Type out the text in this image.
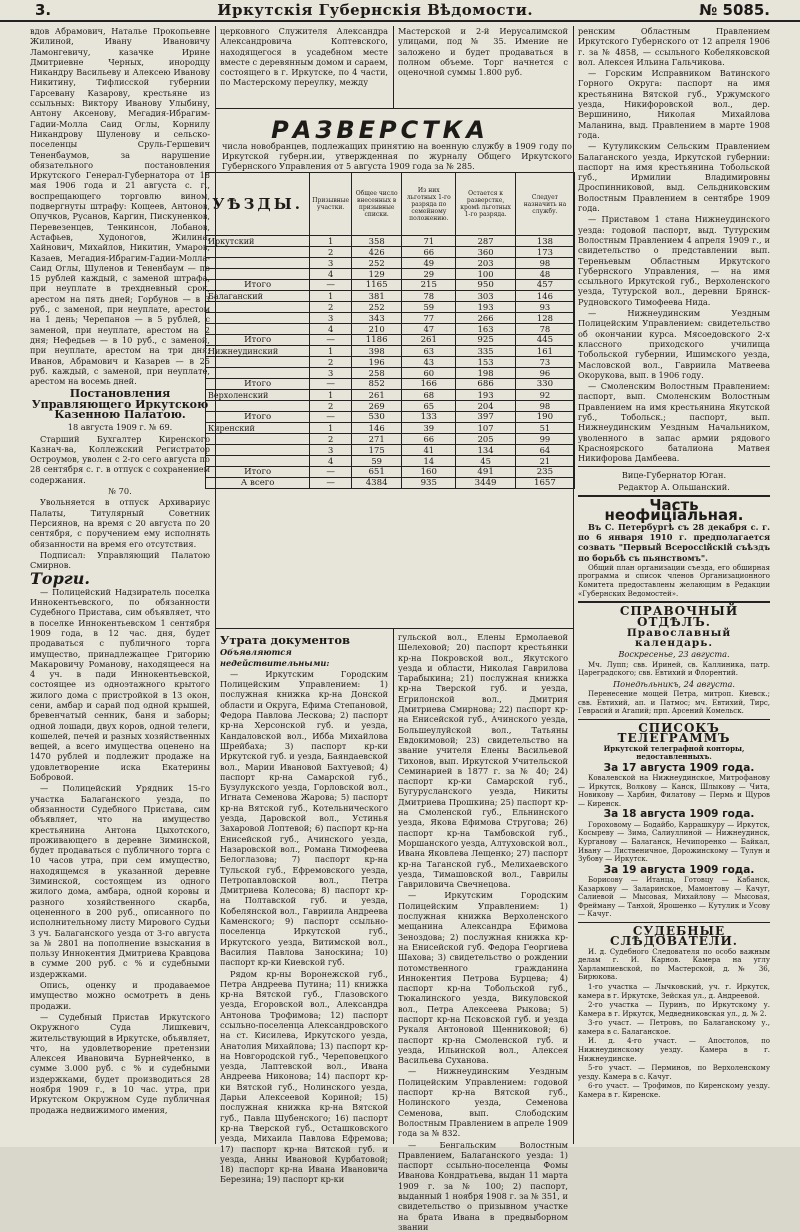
3.	Иркутскія Губернскія Вѣдомости.	№ 5085.

вдов Абрамович, Наталье Прокопьевне Жилиной, Ивану Ивановичу Ламонгевичу, казачке Ирине Дмитриевне Черных, инородцу Никандру Васильеву и Алексею Иванову Никитину, Тифлисской губернии Гарсевану Казарову, крестьяне из ссыльных: Виктору Иванову Улыбину, Антону Аксенову, Мегадия-Ибрагим-Гадии-Молла Саид Оглы, Корнилу Никандрову Шуленову и сельско-поселенцы Сруль-Гершевич Тененбаумов, за нарушение обязательного постановления Иркутского Генерал-Губернатора от 18 мая 1906 года и 21 августа с. г., воспрещающего торговлю вином, подвергнуты штрафу: Кощеев, Антонов, Опучков, Русанов, Каргин, Пискуненков, Перевезенцев, Тенкинсон, Лобанов, Астафьев, Худоногов, Жилина, Хайнович, Михайлов, Никитин, Умаров, Казаев, Мегадия-Ибрагим-Гадии-Молла-Саид Оглы, Шуленов и Тененбаум — по 15 рублей каждый, с заменой штрафа, при неуплате в трехдневный срок, арестом на пять дней; Горбунов — в 3 руб., с заменой, при неуплате, арестом на 1 день; Черепанов — в 5 рублей, с заменой, при неуплате, арестом на 2 дня; Нефедьев — в 10 руб., с заменой, при неуплате, арестом на три дня; Иванов, Абрамович и Казарев — в 25 руб. каждый, с заменой, при неуплате, арестом на восемь дней.

Постановления Управляющего Иркутскою Казенною Палатою.

18 августа 1909 г. № 69.

Старший Бухгалтер Киренского Казнач-ва, Коллежский Регистратор Остроумов, уволен с 2-го сего августа по 28 сентября с. г. в отпуск с сохранением содержания.

№ 70.

Увольняется в отпуск Архивариус Палаты, Титулярный Советник Персиянов, на время с 20 августа по 20 сентября, с поручением ему исполнять обязанности на время его отсутствия.

Подписал: Управляющий Палатою Смирнов.

Торги.

— Полицейский Надзиратель поселка Иннокентьевского, по обязанности Судебного Пристава, сим объявляет, что в поселке Иннокентьевском 1 сентября 1909 года, в 12 час. дня, будет продаваться с публичного торга имущество, принадлежащее Григорию Макаровичу Романову, находящееся на 4 уч. в пади Иннокентьевской, состоящее из одноэтажного крытого жилого дома с пристройкой в 13 окон, сени, амбар и сарай под одной крышей, бревенчатый сенник, баня и заборы; одной лошади, двух коров, одной телеги, кошелей, печей и разных хозяйственных вещей, а всего имущества оценено на 1470 рублей и подлежит продаже на удовлетворение иска Екатерины Бобровой.

— Полицейский Урядник 15-го участка Балаганского уезда, по обязанности Судебного Пристава, сим объявляет, что на имущество крестьянина Антона Цыхотского, проживающего в деревне Зиминской, будет продаваться с публичного торга с 10 часов утра, при сем имущество, находящемся в указанной деревне Зиминской, состоящем из одного жилого дома, амбара, одной коровы и разного хозяйственного скарба, оцененного в 200 руб., описанного по исполнительному листу Мирового Судьи 3 уч. Балаганского уезда от 3-го августа за № 2801 на пополнение взыскания в пользу Иннокентия Дмитриева Кравцова в сумме 200 руб. с % и судебными издержками.

Опись, оценку и продаваемое имущество можно осмотреть в день продажи.

— Судебный Пристав Иркутского Окружного Суда Лишкевич, жительствующий в Иркутске, объявляет, что, на удовлетворение претензии Алексея Ивановича Бурнейченко, в сумме 3.000 руб. с % и судебными издержками, будет производиться 28 ноября 1909 г., в 10 час. утра, при Иркутском Окружном Суде публичная продажа недвижимого имения,

церковного Служителя Александра Александровича Коптевского, находящегося в усадебном месте вместе с деревянным домом и сараем, состоящего в г. Иркутске, по 4 части, по Мастерскому переулку, между

Мастерской и 2-й Иерусалимской улицами, под № 35. Имение не заложено и будет продаваться в полном объеме. Торг начнется с оценочной суммы 1.800 руб.

РАЗВЕРСТКА
числа новобранцев, подлежащих принятию на военную службу в 1909 году по Иркутской губерн.ии, утвержденная по журналу Общего Иркутского Губернского Управления от 5 августа 1909 года за № 285.
УѢЗДЫ.	Призывные участки.	Общее число внесенных в призывные списки.	Из них льготных 1-го разряда по семейному положению.	Остается к разверстке, кромѣ льготных 1-го разряда.	Следует назначить на службу.
Иркутский	1	358	71	287	138
	2	426	66	360	173
	3	252	49	203	98
	4	129	29	100	48
Итого	—	1165	215	950	457
Балаганский	1	381	78	303	146
	2	252	59	193	93
	3	343	77	266	128
	4	210	47	163	78
Итого	—	1186	261	925	445
Нижнеудинский	1	398	63	335	161
	2	196	43	153	73
	3	258	60	198	96
Итого	—	852	166	686	330
Верхоленский	1	261	68	193	92
	2	269	65	204	98
Итого	—	530	133	397	190
Киренский	1	146	39	107	51
	2	271	66	205	99
	3	175	41	134	64
	4	59	14	45	21
Итого	—	651	160	491	235
А всего	—	4384	935	3449	1657
Утрата документов

Объявляются недействительными:

— Иркутским Городским Полицейским Управлением: 1) послужная книжка кр-на Донской области и Округа, Ефима Степановой, Федора Павлова Лескова; 2) паспорт кр-на Херсонской губ. и уезда, Кандаловской вол., Ибба Михайлова Шрейбаха; 3) паспорт кр-ки Иркутской губ. и уезда, Баяндаевской вол., Марии Ивановой Бахтуевой; 4) паспорт кр-на Самарской губ., Бузулукского уезда, Горловской вол., Игната Семенова Жарова; 5) паспорт кр-на Вятской губ., Котельнического уезда, Даровской вол., Устинья Захаровой Лоптевой; 6) паспорт кр-на Енисейской губ., Ачинского уезда, Назаровской вол., Романа Тимофеева Белоглазова; 7) паспорт кр-на Тульской губ., Ефремовского уезда, Петропавловской вол., Петра Дмитриева Колесова; 8) паспорт кр-на Полтавской губ. и уезда, Кобелянской вол., Гавриила Андреева Каменского; 9) паспорт ссыльно-поселенца Иркутской губ., Иркутского уезда, Витимской вол., Василия Павлова Заноскина; 10) паспорт кр-ки Киевской губ.

Рядом кр-ны Воронежской губ., Петра Андреева Путина; 11) книжка кр-на Вятской губ., Глазовского уезда, Егоровской вол., Александра Антонова Трофимова; 12) паспорт ссыльно-поселенца Александровского на ст. Кисилева, Иркутского уезда, Анатолия Михайлова; 13) паспорт кр-на Новгородской губ., Череповецкого уезда, Лаптевской вол., Ивана Андреева Никонова; 14) паспорт кр-ки Вятской губ., Нолинского уезда, Дарьи Алексеевой Кориной; 15) послужная книжка кр-на Вятской губ., Павла Шубенского; 16) паспорт кр-на Тверской губ., Осташковского уезда, Михаила Павлова Ефремова; 17) паспорт кр-на Вятской губ. и уезда, Анны Ивановой Курбатовой; 18) паспорт кр-на Ивана Ивановича Березина; 19) паспорт кр-ки

гульской вол., Елены Ермолаевой Шелеховой; 20) паспорт крестьянки кр-на Покровской вол., Якутского уезда и области, Николая Гаврилова Тарабыкина; 21) послужная книжка кр-на Тверской губ. и уезда, Егрилонской вол., Дмитрия Дмитриева Смирнова; 22) паспорт кр-на Енисейской губ., Ачинского уезда, Большеулуйской вол., Татьяны Евдокимовой; 23) свидетельство на звание учителя Елены Васильевой Тихонов, вып. Иркутской Учительской Семинарией в 1877 г. за № 40; 24) паспорт кр-ки Самарской губ., Бугурусланского уезда, Никиты Дмитриева Прошкина; 25) паспорт кр-на Смоленской губ., Ельнинского уезда, Якова Ефимова Стругова; 26) паспорт кр-на Тамбовской губ., Моршанского уезда, Алтуховской вол., Ивана Яковлева Лещенко; 27) паспорт кр-на Таганской губ., Мелихаевского уезда, Тимашовской вол., Гаврилы Гавриловича Свечнецова.

— Иркутским Городским Полицейским Управлением: 1) послужная книжка Верхоленского мещанина Александра Ефимова Зеноздова; 2) послужная книжка кр-на Енисейской губ. Федора Георгиева Шахова; 3) свидетельство о рождении потомственного гражданина Иннокентия Петрова Бурцева; 4) паспорт кр-на Тобольской губ., Тюкалинского уезда, Викуловской вол., Петра Алексеева Рыкова; 5) паспорт кр-на Псковской губ. и уезда Рукаля Антоновой Щенниковой; 6) паспорт кр-на Смоленской губ. и уезда, Ильинской вол., Алексея Васильева Суханова.

— Нижнеудинским Уездным Полицейским Управлением: годовой паспорт кр-на Вятской губ., Нолинского уезда, Семенова Семенова, вып. Слободским Волостным Правлением в апреле 1909 года за № 832.

— Бенгальским Волостным Правлением, Балаганского уезда: 1) паспорт ссыльно-поселенца Фомы Иванова Кондратьева, выдан 11 марта 1909 г. за № 100; 2) паспорт, выданный 1 ноября 1908 г. за № 351, и свидетельство о призывном участке на брата Ивана в предвыборном звании

ренским Областным Правлением Иркутского Губернского от 12 апреля 1906 г. за № 4858, — ссыльного Кобеляковской вол. Алексея Ильина Гальчикова.

— Горским Исправником Ватинского Горного Округа: паспорт на имя крестьянина Вятской губ., Уржумского уезда, Никифоровской вол., дер. Вершинино, Николая Михайлова Маланина, выд. Правлением в марте 1908 года.

— Кутуликским Сельским Правлением Балаганского уезда, Иркутской губернии: паспорт на имя крестьянина Тобольской губ., Ирмилии Владимировны Дроспинниковой, выд. Сельдниковским Волостным Правлением в сентябре 1909 года.

— Приставом 1 стана Нижнеудинского уезда: годовой паспорт, выд. Тутурским Волостным Правлением 4 апреля 1909 г., и свидетельство о представлении вып. Тереньевым Областным Иркутского Губернского Управления, — на имя ссыльного Иркутской губ., Верхоленского уезда, Тутурской вол., деревни Брянск-Рудновского Тимофеева Нида.

— Нижнеудинским Уездным Полицейским Управлением: свидетельство об окончании курса. Мясоедовского 2-х классного приходского училища Тобольской губернии, Ишимского уезда, Масловской вол., Гавриила Матвеева Окорукова, вып. в 1906 году.

— Смоленским Волостным Правлением: паспорт, вып. Смоленским Волостным Правлением на имя крестьянина Якутской губ., Тобольск.; паспорт, вып. Нижнеудинским Уездным Начальником, уволенного в запас армии рядового Красноярского баталиона Матвея Никифорова Дамбеева.

Вице-Губернатор Юган.

Редактор А. Ольшанский.

Часть неофиціальная.

Въ С. Петербургѣ съ 28 декабря с. г. по 6 января 1910 г. предполагается созвать "Первый Всероссійскій съѣздъ по борьбѣ съ пьянствомъ".

Общий план организации съезда, его обширная программа и список членов Организационного Комитета предоставлены желающим в Редакции «Губернских Ведомостей».

СПРАВОЧНЫЙ ОТДѢЛЪ.

Православный календарь.

Воскресенье, 23 августа.

Мч. Лупп; свв. Ириней, св. Каллиника, патр. Цареградского; свв. Евтихий и Флорентий.

Понедѣльникъ, 24 августа.

Перенесение мощей Петра, митроп. Киевск.; свв. Евтихий, ап. и Патмос; мч. Евтихий, Тирс, Геврасий и Агапий; прп. Арсений Комельск.

СПИСОКЪ ТЕЛЕГРАММЪ

Иркутской телеграфной конторы, недоставленныхъ.

За 17 августа 1909 года.

Ковалевской на Нижнеудинское, Митрофанову — Иркутск, Волкову — Канск, Шлыкову — Чита, Новикову — Харбин, Филатову — Пермь и Щуров — Киренск.

За 18 августа 1909 года.

Гороховому — Бодайбо, Каррашкуру — Иркутск, Косыреву — Зима, Салиуллиной — Нижнеудинск, Курганову — Балаганск, Нечипоренко — Байкал, Ивану — Лиственичное, Дорожинскому — Тулун и Зубову — Иркутск.

За 19 августа 1909 года.

Борисову — Итанца, Готовцу — Кабанск, Казаркову — Заларинское, Мамонтову — Качуг, Салиевой — Мысовая, Михайлову — Мысовая, Фрейману — Танхой, Ярошенко — Кутулик и Усову — Качуг.

СУДЕБНЫЕ СЛѢДОВАТЕЛИ.

И. д. Судебного Следователя по особо важным делам г. И. Карнов. Камера на углу Харлампиевской, по Мастерской, д. № 36, Бирюкова.

1-го участка — Лычковский, уч. г. Иркутск, камера в г. Иркутске, Зейская ул., д. Андреевой.

2-го участка — Пуринъ, по Иркутскому у. Камера в г. Иркутск, Медведниковская ул., д. № 2.

3-го участ. — Петровъ, по Балаганскому у., камера в с. Балаганское.

И. д. 4-го участ. — Апостолов, по Нижнеудинскому уезду. Камера в г. Нижнеудинске.

5-го участ. — Перминов, по Верхоленскому уезду. Камера в с. Качуг.

6-го участ. — Трофимов, по Киренскому уезду. Камера в г. Киренске.
